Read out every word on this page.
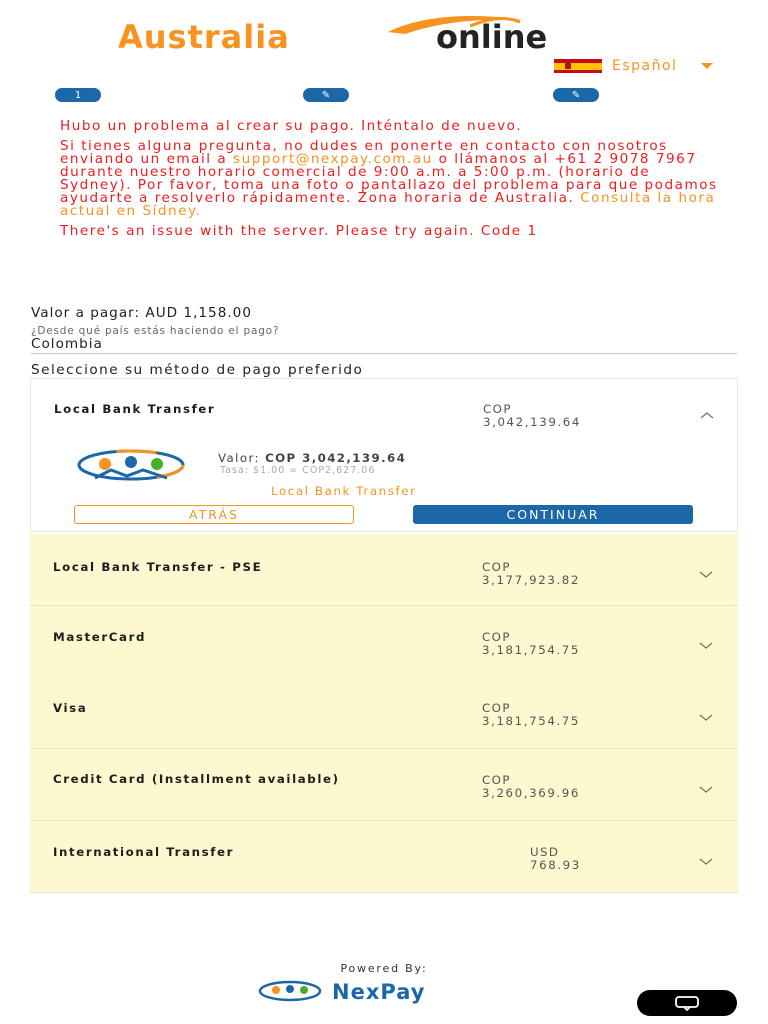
Australia	online
Español
1	✎	✎

Hubo un problema al crear su pago. Inténtalo de nuevo.

Si tienes alguna pregunta, no dudes en ponerte en contacto con nosotros enviando un email a support@nexpay.com.au o llámanos al +61 2 9078 7967 durante nuestro horario comercial de 9:00 a.m. a 5:00 p.m. (horario de Sydney). Por favor, toma una foto o pantallazo del problema para que podamos ayudarte a resolverlo rápidamente. Zona horaria de Australia. Consulta la hora actual en Sídney.

There's an issue with the server. Please try again. Code 1

Valor a pagar: AUD 1,158.00
¿Desde qué país estás haciendo el pago?
Colombia
Seleccione su método de pago preferido
Local Bank Transfer	COP
3,042,139.64
Local Bank Transfer - PSE	COP
3,177,923.82
MasterCard	COP
3,181,754.75
Visa	COP
3,181,754.75
Credit Card (Installment available)	COP
3,260,369.96
International Transfer	USD
768.93
Valor: COP 3,042,139.64
Tasa: $1.00 = COP2,627.06
Local Bank Transfer
ATRÁS	CONTINUAR
Powered By:
NexPay
